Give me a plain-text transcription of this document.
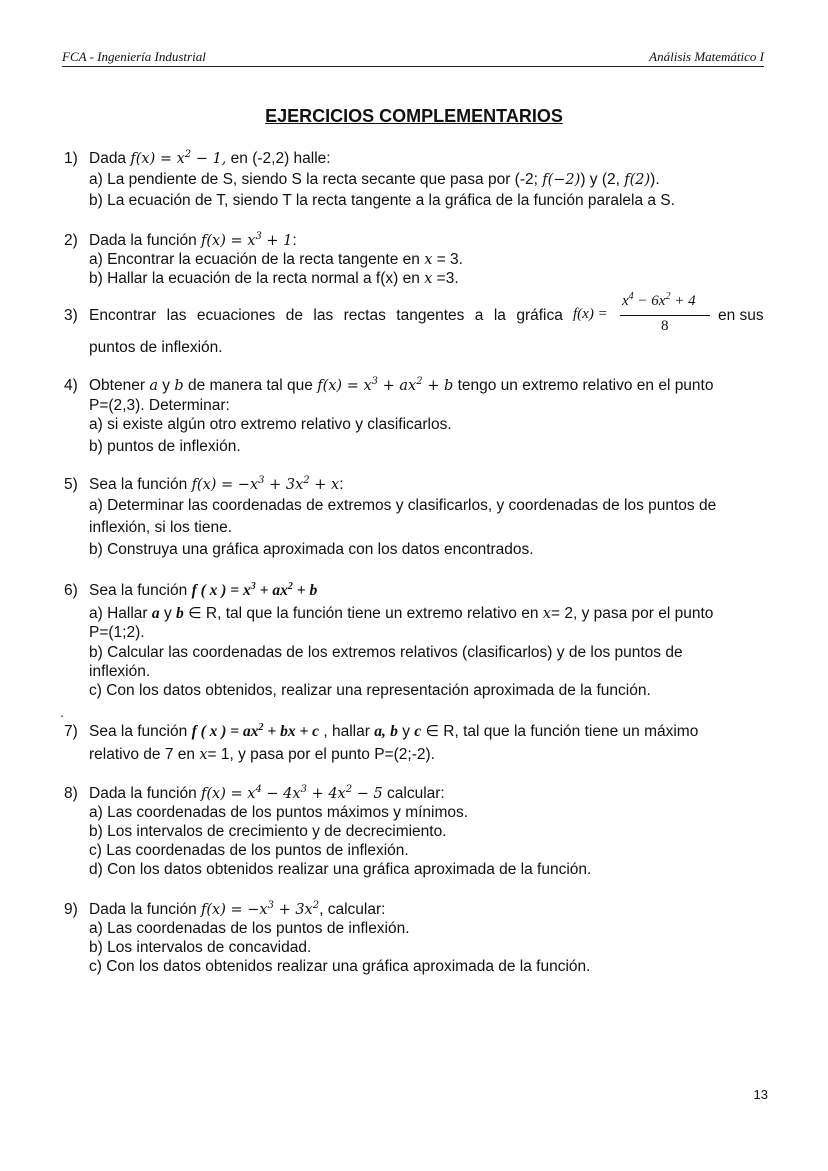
FCA - Ingeniería Industrial	Análisis Matemático I
EJERCICIOS COMPLEMENTARIOS
1) Dada $f(x) = x^2 - 1$, en (-2,2) halle:
a) La pendiente de S, siendo S la recta secante que pasa por (-2; f(−2)) y (2, f(2)).
b) La ecuación de T, siendo T la recta tangente a la gráfica de la función paralela a S.
2) Dada la función $f(x) = x^3 + 1$:
a) Encontrar la ecuación de la recta tangente en x = 3.
b) Hallar la ecuación de la recta normal a f(x) en x =3.
3) Encontrar las ecuaciones de las rectas tangentes a la gráfica f(x) =
$x^4 - 6x^2 + 4$
8
en sus
puntos de inflexión.
4) Obtener a y b de manera tal que $f(x) = x^3 + ax^2 + b$ tengo un extremo relativo en el punto
P=(2,3). Determinar:
a) si existe algún otro extremo relativo y clasificarlos.
b) puntos de inflexión.
5) Sea la función $f(x) = -x^3 + 3x^2 + x$:
a) Determinar las coordenadas de extremos y clasificarlos, y coordenadas de los puntos de
inflexión, si los tiene.
b) Construya una gráfica aproximada con los datos encontrados.
6) Sea la función f ( x ) = $x^3 + ax^2 + b$
a) Hallar a y b ∈ R, tal que la función tiene un extremo relativo en x= 2, y pasa por el punto
P=(1;2).
b) Calcular las coordenadas de los extremos relativos (clasificarlos) y de los puntos de
inflexión.
c) Con los datos obtenidos, realizar una representación aproximada de la función.
.
7) Sea la función f ( x ) = $ax^2$ + bx + c , hallar a, b y c ∈ R, tal que la función tiene un máximo
relativo de 7 en x= 1, y pasa por el punto P=(2;-2).
8) Dada la función $f(x) = x^4 - 4x^3 + 4x^2 - 5$ calcular:
a) Las coordenadas de los puntos máximos y mínimos.
b) Los intervalos de crecimiento y de decrecimiento.
c) Las coordenadas de los puntos de inflexión.
d) Con los datos obtenidos realizar una gráfica aproximada de la función.
9) Dada la función $f(x) = -x^3 + 3x^2$, calcular:
a) Las coordenadas de los puntos de inflexión.
b) Los intervalos de concavidad.
c) Con los datos obtenidos realizar una gráfica aproximada de la función.
13
